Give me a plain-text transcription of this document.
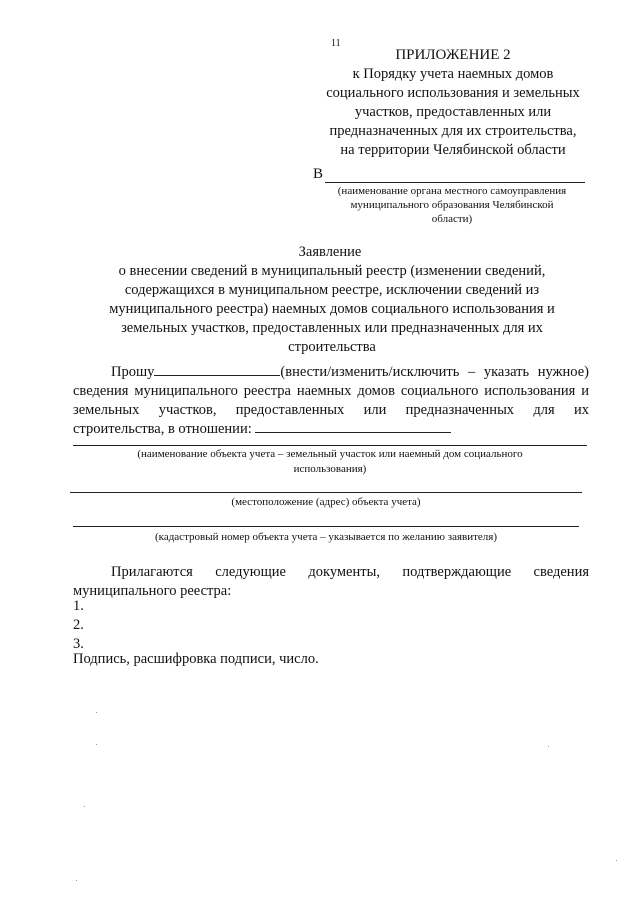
11
ПРИЛОЖЕНИЕ 2
к Порядку учета наемных домов
социального использования и земельных
участков, предоставленных или
предназначенных для их строительства,
на территории Челябинской области
В
(наименование органа местного самоуправления
муниципального образования Челябинской
области)
Заявление
о внесении сведений в муниципальный реестр (изменении сведений,
содержащихся в муниципальном реестре, исключении сведений из
муниципального реестра) наемных домов социального использования и
земельных участков, предоставленных или предназначенных для их
строительства
Прошу	(внести/изменить/исключить – указать нужное) сведения муниципального реестра наемных домов социального использования и земельных участков, предоставленных или предназначенных для их строительства, в отношении:
(наименование объекта учета – земельный участок или наемный дом социального
использования)
(местоположение (адрес) объекта учета)
(кадастровый номер объекта учета – указывается по желанию заявителя)
Прилагаются следующие документы, подтверждающие сведения муниципального реестра:
1.
2.
3.
Подпись, расшифровка подписи, число.
